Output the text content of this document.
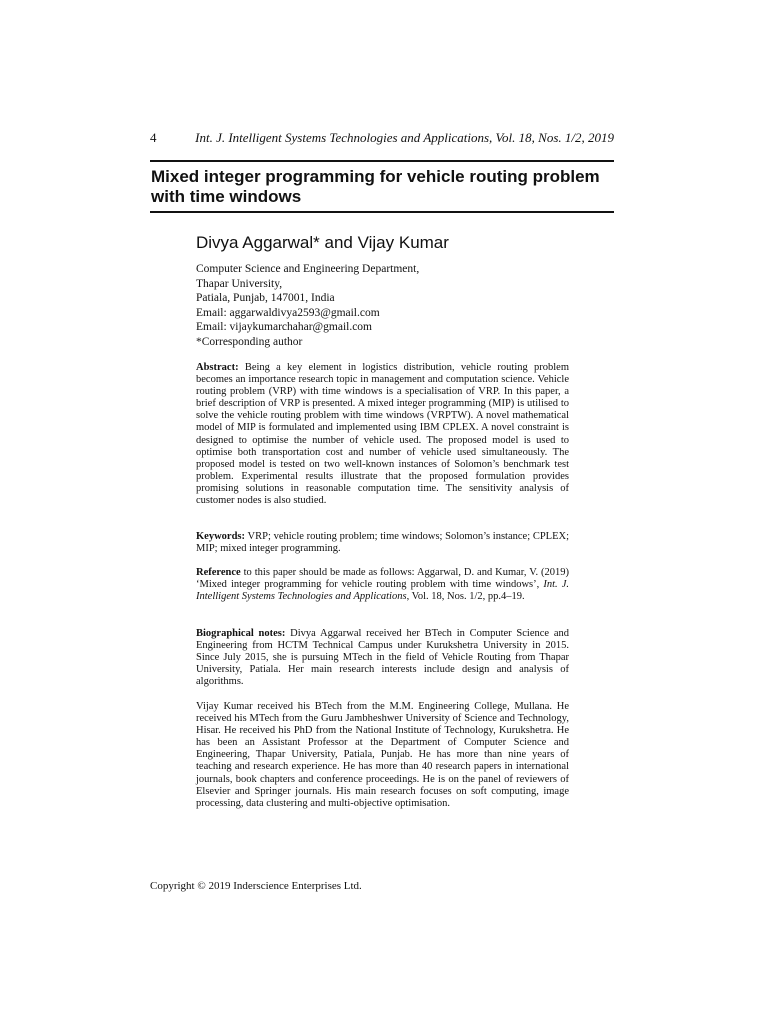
4	Int. J. Intelligent Systems Technologies and Applications, Vol. 18, Nos. 1/2, 2019
Mixed integer programming for vehicle routing problem with time windows
Divya Aggarwal* and Vijay Kumar
Computer Science and Engineering Department,
Thapar University,
Patiala, Punjab, 147001, India
Email: aggarwaldivya2593@gmail.com
Email: vijaykumarchahar@gmail.com
*Corresponding author
Abstract: Being a key element in logistics distribution, vehicle routing problem becomes an importance research topic in management and computation science. Vehicle routing problem (VRP) with time windows is a specialisation of VRP. In this paper, a brief description of VRP is presented. A mixed integer programming (MIP) is utilised to solve the vehicle routing problem with time windows (VRPTW). A novel mathematical model of MIP is formulated and implemented using IBM CPLEX. A novel constraint is designed to optimise the number of vehicle used. The proposed model is used to optimise both transportation cost and number of vehicle used simultaneously. The proposed model is tested on two well-known instances of Solomon’s benchmark test problem. Experimental results illustrate that the proposed formulation provides promising solutions in reasonable computation time. The sensitivity analysis of customer nodes is also studied.
Keywords: VRP; vehicle routing problem; time windows; Solomon’s instance; CPLEX; MIP; mixed integer programming.
Reference to this paper should be made as follows: Aggarwal, D. and Kumar, V. (2019) ‘Mixed integer programming for vehicle routing problem with time windows’, Int. J. Intelligent Systems Technologies and Applications, Vol. 18, Nos. 1/2, pp.4–19.
Biographical notes: Divya Aggarwal received her BTech in Computer Science and Engineering from HCTM Technical Campus under Kurukshetra University in 2015. Since July 2015, she is pursuing MTech in the field of Vehicle Routing from Thapar University, Patiala. Her main research interests include design and analysis of algorithms.
Vijay Kumar received his BTech from the M.M. Engineering College, Mullana. He received his MTech from the Guru Jambheshwer University of Science and Technology, Hisar. He received his PhD from the National Institute of Technology, Kurukshetra. He has been an Assistant Professor at the Department of Computer Science and Engineering, Thapar University, Patiala, Punjab. He has more than nine years of teaching and research experience. He has more than 40 research papers in international journals, book chapters and conference proceedings. He is on the panel of reviewers of Elsevier and Springer journals. His main research focuses on soft computing, image processing, data clustering and multi-objective optimisation.
Copyright © 2019 Inderscience Enterprises Ltd.
